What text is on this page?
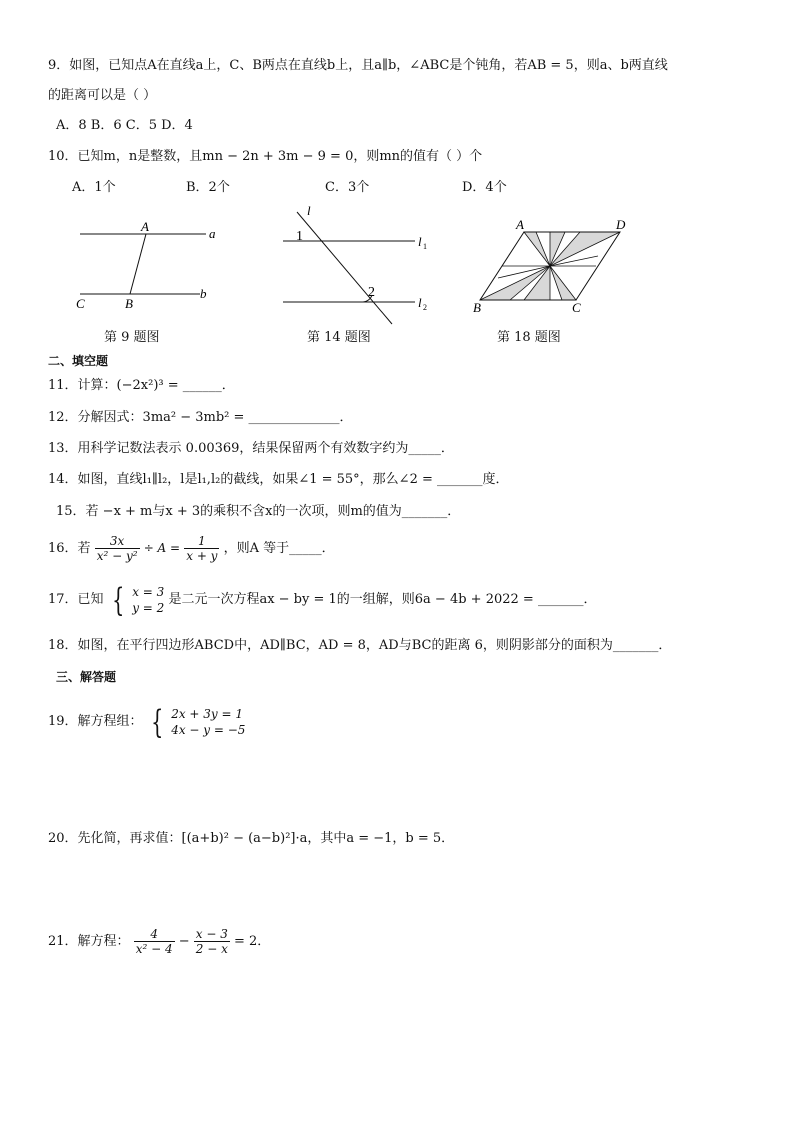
9．如图，已知点A在直线a上，C、B两点在直线b上，且a∥b，∠ABC是个钝角，若AB = 5，则a、b两直线
的距离可以是（ ）
A．8 B．6 C．5 D．4
10．已知m，n是整数，且mn − 2n + 3m − 9 = 0，则mn的值有（ ）个
A．1个	B．2个	C．3个	D．4个
A	a
C	B
b
第 9 题图
l
1
2
l 1
l 2
第 14 题图
A	D
B	C
第 18 题图
二、填空题
11．计算：(−2x²)³ = ______．
12．分解因式：3ma² − 3mb² = ______________．
13．用科学记数法表示 0.00369，结果保留两个有效数字约为_____．
14．如图，直线l₁∥l₂，l是l₁,l₂的截线，如果∠1 = 55°，那么∠2 = _______度．
15．若 −x + m与x + 3的乘积不含x的一次项，则m的值为_______．
16．若 $\frac{3x}{\text{x² − y²}} \div A = \frac{1}{x + y}$ ，则A 等于_____．
17．已知 { x = 3
y = 2
是二元一次方程ax − by = 1的一组解，则6a − 4b + 2022 = _______．
18．如图，在平行四边形ABCD中，AD∥BC，AD = 8，AD与BC的距离 6，则阴影部分的面积为_______．
三、解答题
19．解方程组： { 2x + 3y = 1
4x − y = −5
20．先化简，再求值：[(a+b)² − (a−b)²]·a，其中a = −1，b = 5．
21．解方程： $\frac{4}{\text{x² − 4}} - \frac{x - 3}{2 - x} = 2$．
